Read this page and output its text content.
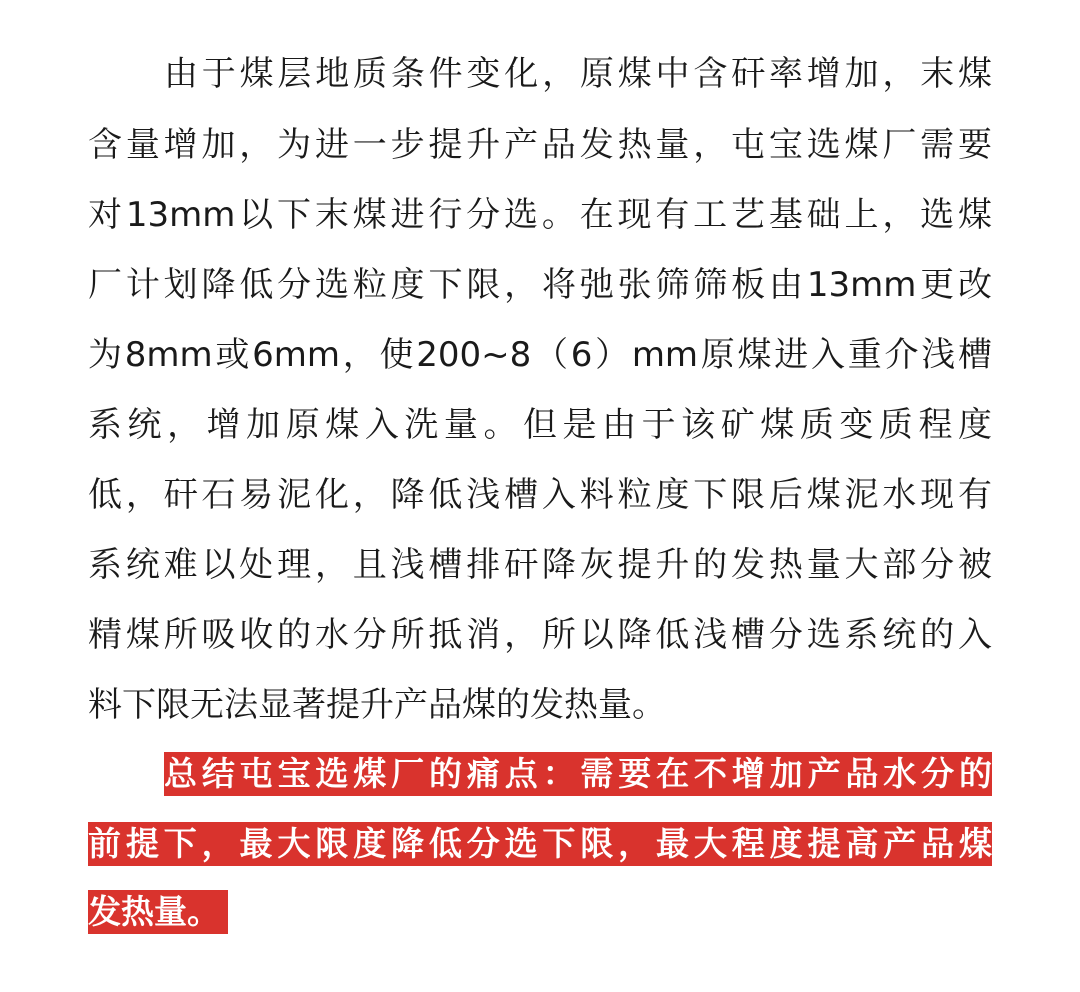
由于煤层地质条件变化，原煤中含矸率增加，末煤
含量增加，为进一步提升产品发热量，屯宝选煤厂需要
对13mm以下末煤进行分选。在现有工艺基础上，选煤
厂计划降低分选粒度下限，将弛张筛筛板由13mm更改
为8mm或6mm，使200~8（6）mm原煤进入重介浅槽
系统，增加原煤入洗量。但是由于该矿煤质变质程度
低，矸石易泥化，降低浅槽入料粒度下限后煤泥水现有
系统难以处理，且浅槽排矸降灰提升的发热量大部分被
精煤所吸收的水分所抵消，所以降低浅槽分选系统的入
料下限无法显著提升产品煤的发热量。
总结屯宝选煤厂的痛点：需要在不增加产品水分的
前提下，最大限度降低分选下限，最大程度提高产品煤
发热量。
